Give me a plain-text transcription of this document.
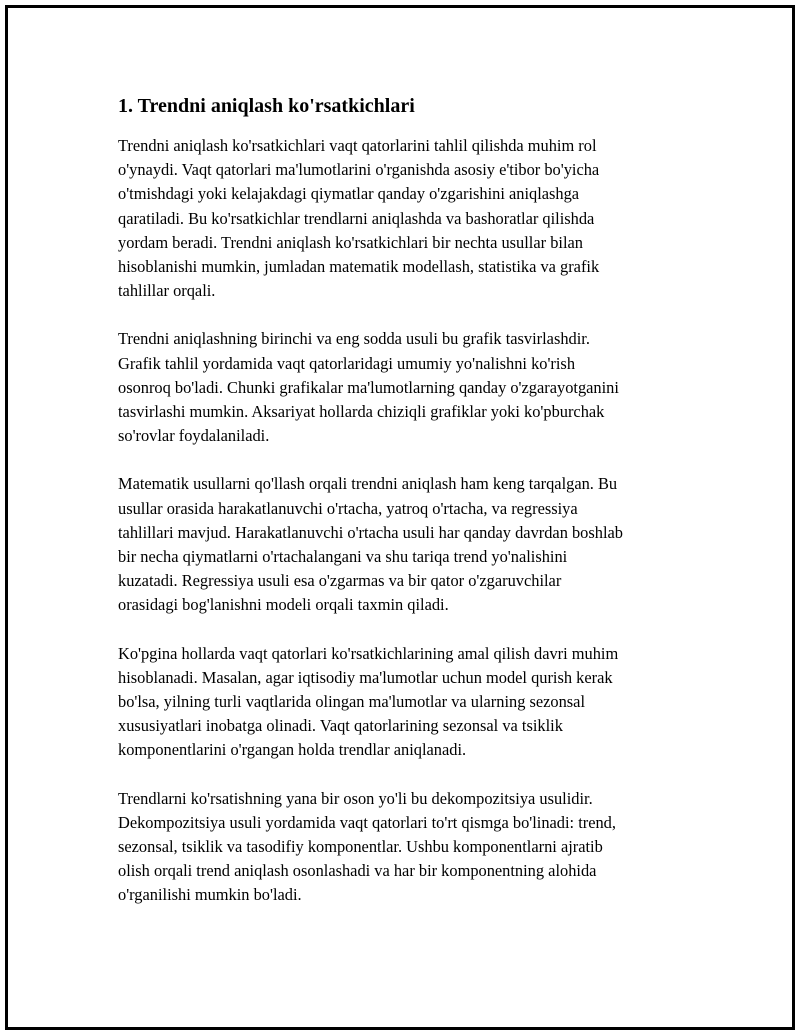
1. Trendni aniqlash ko'rsatkichlari

Trendni aniqlash ko'rsatkichlari vaqt qatorlarini tahlil qilishda muhim rol
o'ynaydi. Vaqt qatorlari ma'lumotlarini o'rganishda asosiy e'tibor bo'yicha
o'tmishdagi yoki kelajakdagi qiymatlar qanday o'zgarishini aniqlashga
qaratiladi. Bu ko'rsatkichlar trendlarni aniqlashda va bashoratlar qilishda
yordam beradi. Trendni aniqlash ko'rsatkichlari bir nechta usullar bilan
hisoblanishi mumkin, jumladan matematik modellash, statistika va grafik
tahlillar orqali.

Trendni aniqlashning birinchi va eng sodda usuli bu grafik tasvirlashdir.
Grafik tahlil yordamida vaqt qatorlaridagi umumiy yo'nalishni ko'rish
osonroq bo'ladi. Chunki grafikalar ma'lumotlarning qanday o'zgarayotganini
tasvirlashi mumkin. Aksariyat hollarda chiziqli grafiklar yoki ko'pburchak
so'rovlar foydalaniladi.

Matematik usullarni qo'llash orqali trendni aniqlash ham keng tarqalgan. Bu
usullar orasida harakatlanuvchi o'rtacha, yatroq o'rtacha, va regressiya
tahlillari mavjud. Harakatlanuvchi o'rtacha usuli har qanday davrdan boshlab
bir necha qiymatlarni o'rtachalangani va shu tariqa trend yo'nalishini
kuzatadi. Regressiya usuli esa o'zgarmas va bir qator o'zgaruvchilar
orasidagi bog'lanishni modeli orqali taxmin qiladi.

Ko'pgina hollarda vaqt qatorlari ko'rsatkichlarining amal qilish davri muhim
hisoblanadi. Masalan, agar iqtisodiy ma'lumotlar uchun model qurish kerak
bo'lsa, yilning turli vaqtlarida olingan ma'lumotlar va ularning sezonsal
xususiyatlari inobatga olinadi. Vaqt qatorlarining sezonsal va tsiklik
komponentlarini o'rgangan holda trendlar aniqlanadi.

Trendlarni ko'rsatishning yana bir oson yo'li bu dekompozitsiya usulidir.
Dekompozitsiya usuli yordamida vaqt qatorlari to'rt qismga bo'linadi: trend,
sezonsal, tsiklik va tasodifiy komponentlar. Ushbu komponentlarni ajratib
olish orqali trend aniqlash osonlashadi va har bir komponentning alohida
o'rganilishi mumkin bo'ladi.
